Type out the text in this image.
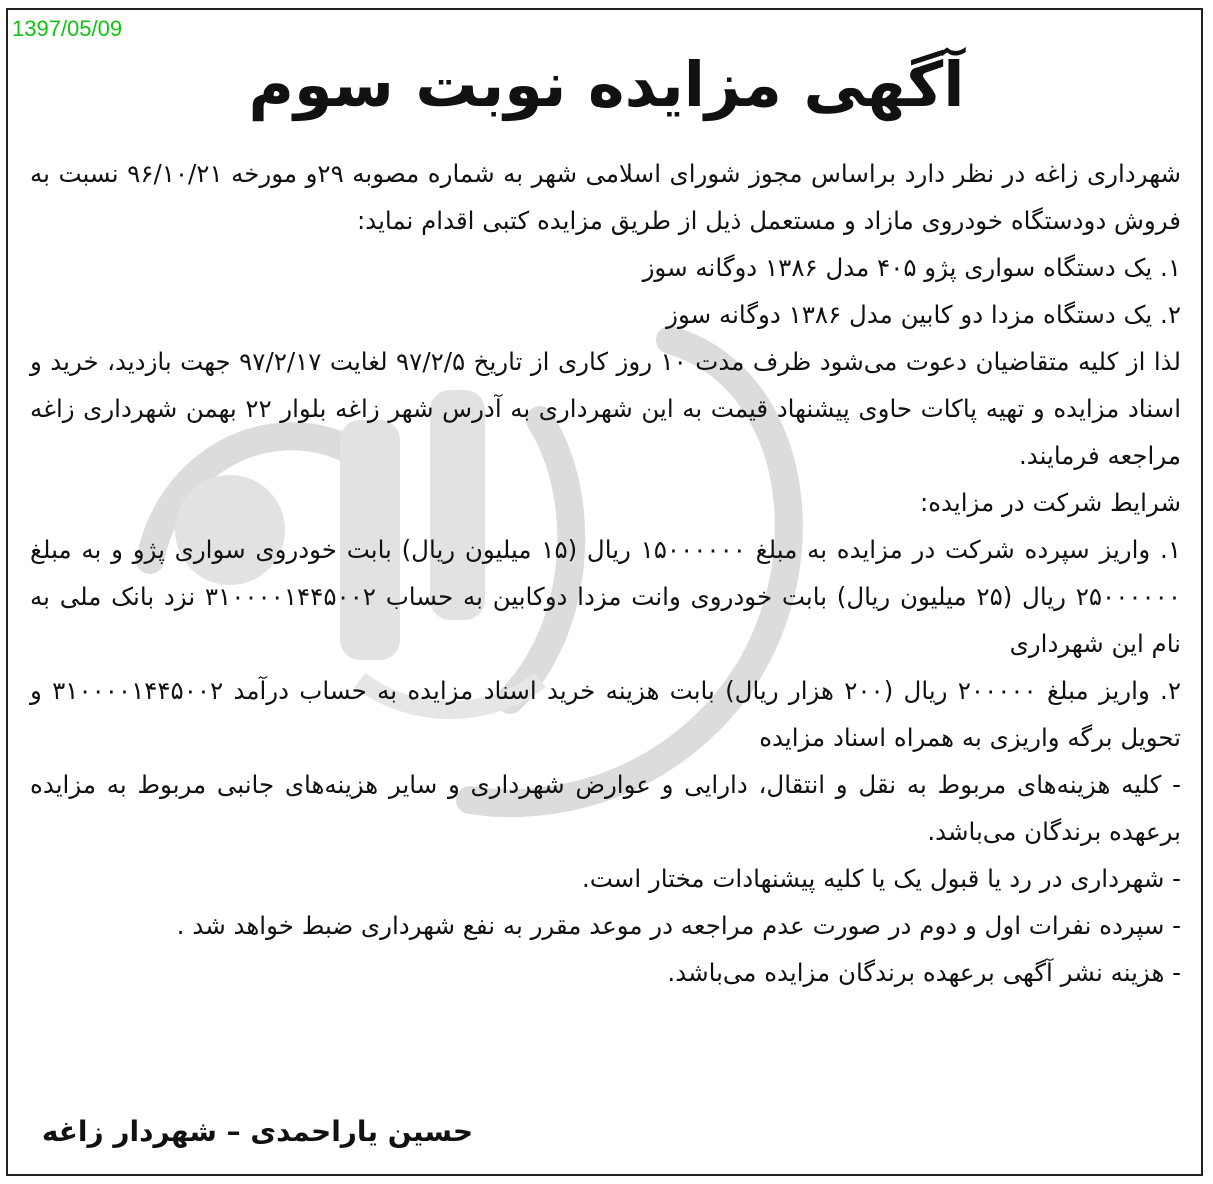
1397/05/09
آگهی مزایده نوبت سوم

شهرداری زاغه در نظر دارد براساس مجوز شورای اسلامی شهر به شماره مصوبه ۲۹و مورخه ۹۶/۱۰/۲۱ نسبت به فروش دودستگاه خودروی مازاد و مستعمل ذیل از طریق مزایده کتبی اقدام نماید:

۱. یک دستگاه سواری پژو ۴۰۵ مدل ۱۳۸۶ دوگانه سوز

۲. یک دستگاه مزدا دو کابین مدل ۱۳۸۶ دوگانه سوز

لذا از کلیه متقاضیان دعوت می‌شود ظرف مدت ۱۰ روز کاری از تاریخ ۹۷/۲/۵ لغایت ۹۷/۲/۱۷ جهت بازدید، خرید و اسناد مزایده و تهیه پاکات حاوی پیشنهاد قیمت به این شهرداری به آدرس شهر زاغه بلوار ۲۲ بهمن شهرداری زاغه مراجعه فرمایند.

شرایط شرکت در مزایده:

۱. واریز سپرده شرکت در مزایده به مبلغ ۱۵۰۰۰۰۰۰ ریال (۱۵ میلیون ریال) بابت خودروی سواری پژو و به مبلغ ۲۵۰۰۰۰۰۰ ریال (۲۵ میلیون ریال) بابت خودروی وانت مزدا دوکابین به حساب ۳۱۰۰۰۰۱۴۴۵۰۰۲ نزد بانک ملی به نام این شهرداری

۲. واریز مبلغ ۲۰۰۰۰۰ ریال (۲۰۰ هزار ریال) بابت هزینه خرید اسناد مزایده به حساب درآمد ۳۱۰۰۰۰۱۴۴۵۰۰۲ و تحویل برگه واریزی به همراه اسناد مزایده

- کلیه هزینه‌های مربوط به نقل و انتقال، دارایی و عوارض شهرداری و سایر هزینه‌های جانبی مربوط به مزایده برعهده برندگان می‌باشد.

- شهرداری در رد یا قبول یک یا کلیه پیشنهادات مختار است.

- سپرده نفرات اول و دوم در صورت عدم مراجعه در موعد مقرر به نفع شهرداری ضبط خواهد شد .

- هزینه نشر آگهی برعهده برندگان مزایده می‌باشد.

حسین یاراحمدی – شهردار زاغه
